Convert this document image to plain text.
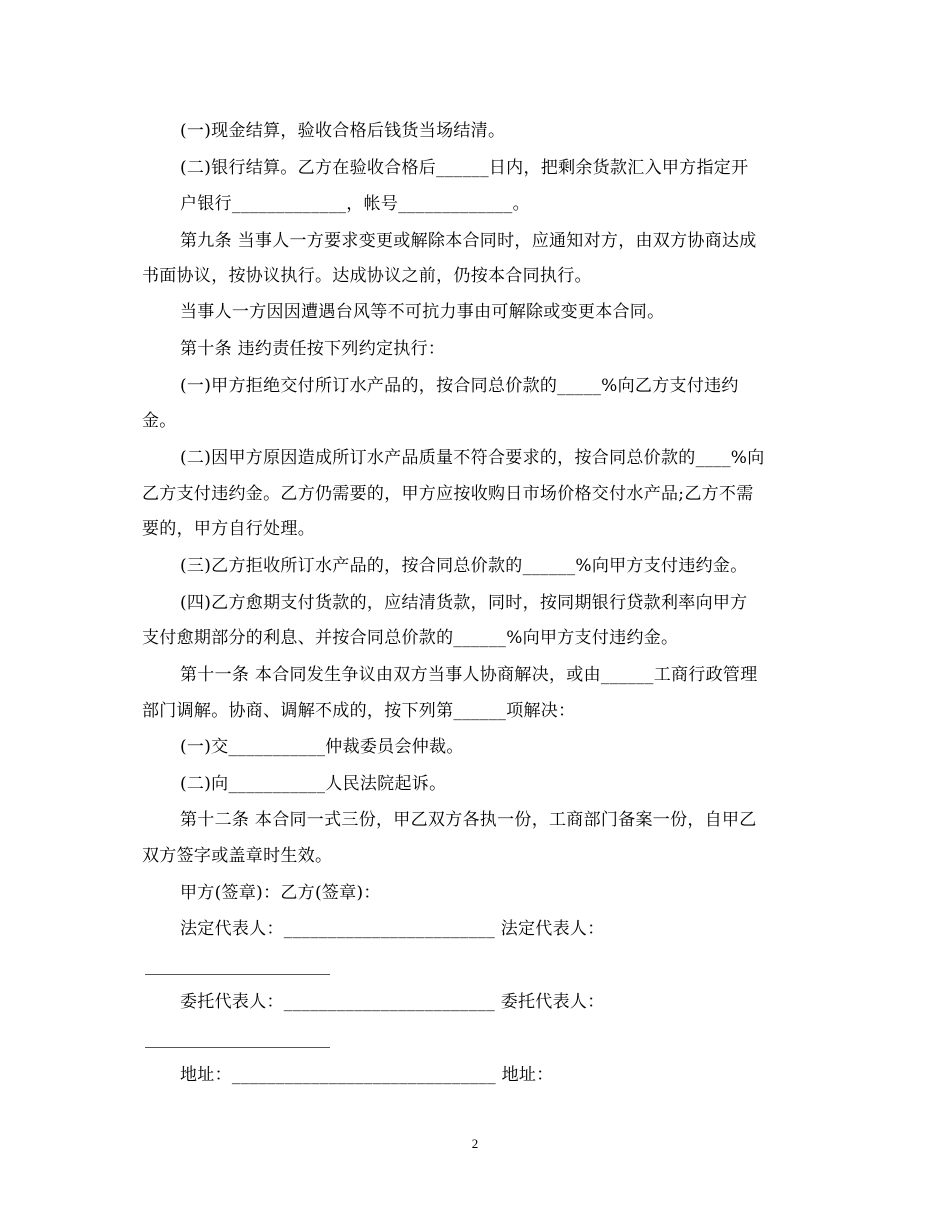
(一)现金结算，验收合格后钱货当场结清。
(二)银行结算。乙方在验收合格后______日内，把剩余货款汇入甲方指定开
户银行_____________，帐号_____________。
第九条 当事人一方要求变更或解除本合同时，应通知对方，由双方协商达成
书面协议，按协议执行。达成协议之前，仍按本合同执行。
当事人一方因因遭遇台风等不可抗力事由可解除或变更本合同。
第十条 违约责任按下列约定执行：
(一)甲方拒绝交付所订水产品的，按合同总价款的_____%向乙方支付违约
金。
(二)因甲方原因造成所订水产品质量不符合要求的，按合同总价款的____%向
乙方支付违约金。乙方仍需要的，甲方应按收购日市场价格交付水产品;乙方不需
要的，甲方自行处理。
(三)乙方拒收所订水产品的，按合同总价款的______%向甲方支付违约金。
(四)乙方愈期支付货款的，应结清货款，同时，按同期银行贷款利率向甲方
支付愈期部分的利息、并按合同总价款的______%向甲方支付违约金。
第十一条 本合同发生争议由双方当事人协商解决，或由______工商行政管理
部门调解。协商、调解不成的，按下列第______项解决：
(一)交___________仲裁委员会仲裁。
(二)向___________人民法院起诉。
第十二条 本合同一式三份，甲乙双方各执一份，工商部门备案一份，自甲乙
双方签字或盖章时生效。
甲方(签章)：乙方(签章)：
法定代表人：________________________ 法定代表人：
委托代表人：________________________ 委托代表人：
地址：______________________________ 地址：
2
